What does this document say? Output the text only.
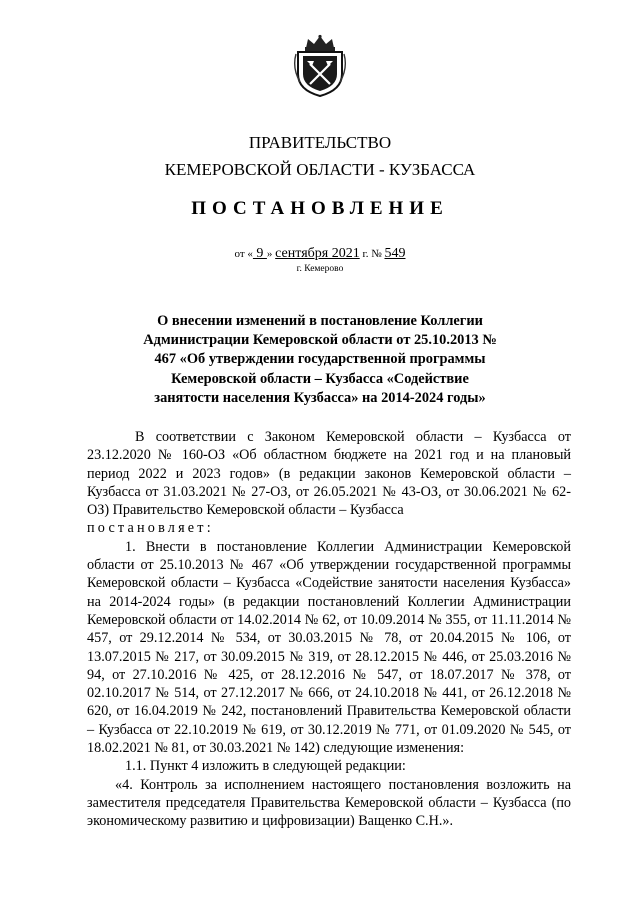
ПРАВИТЕЛЬСТВО
КЕМЕРОВСКОЙ ОБЛАСТИ - КУЗБАССА
ПОСТАНОВЛЕНИЕ
от « 9 » сентября 2021 г. № 549
г. Кемерово
О внесении изменений в постановление Коллегии Администрации Кемеровской области от 25.10.2013 № 467 «Об утверждении государственной программы Кемеровской области – Кузбасса «Содействие занятости населения Кузбасса» на 2014-2024 годы»

В соответствии с Законом Кемеровской области – Кузбасса от 23.12.2020 № 160-ОЗ «Об областном бюджете на 2021 год и на плановый период 2022 и 2023 годов» (в редакции законов Кемеровской области – Кузбасса от 31.03.2021 № 27-ОЗ, от 26.05.2021 № 43-ОЗ, от 30.06.2021 № 62-ОЗ) Правительство Кемеровской области – Кузбасса

постановляет:

1. Внести в постановление Коллегии Администрации Кемеровской области от 25.10.2013 № 467 «Об утверждении государственной программы Кемеровской области – Кузбасса «Содействие занятости населения Кузбасса» на 2014-2024 годы» (в редакции постановлений Коллегии Администрации Кемеровской области от 14.02.2014 № 62, от 10.09.2014 № 355, от 11.11.2014 № 457, от 29.12.2014 № 534, от 30.03.2015 № 78, от 20.04.2015 № 106, от 13.07.2015 № 217, от 30.09.2015 № 319, от 28.12.2015 № 446, от 25.03.2016 № 94, от 27.10.2016 № 425, от 28.12.2016 № 547, от 18.07.2017 № 378, от 02.10.2017 № 514, от 27.12.2017 № 666, от 24.10.2018 № 441, от 26.12.2018 № 620, от 16.04.2019 № 242, постановлений Правительства Кемеровской области – Кузбасса от 22.10.2019 № 619, от 30.12.2019 № 771, от 01.09.2020 № 545, от 18.02.2021 № 81, от 30.03.2021 № 142) следующие изменения:

1.1. Пункт 4 изложить в следующей редакции:

«4. Контроль за исполнением настоящего постановления возложить на заместителя председателя Правительства Кемеровской области – Кузбасса (по экономическому развитию и цифровизации) Ващенко С.Н.».
